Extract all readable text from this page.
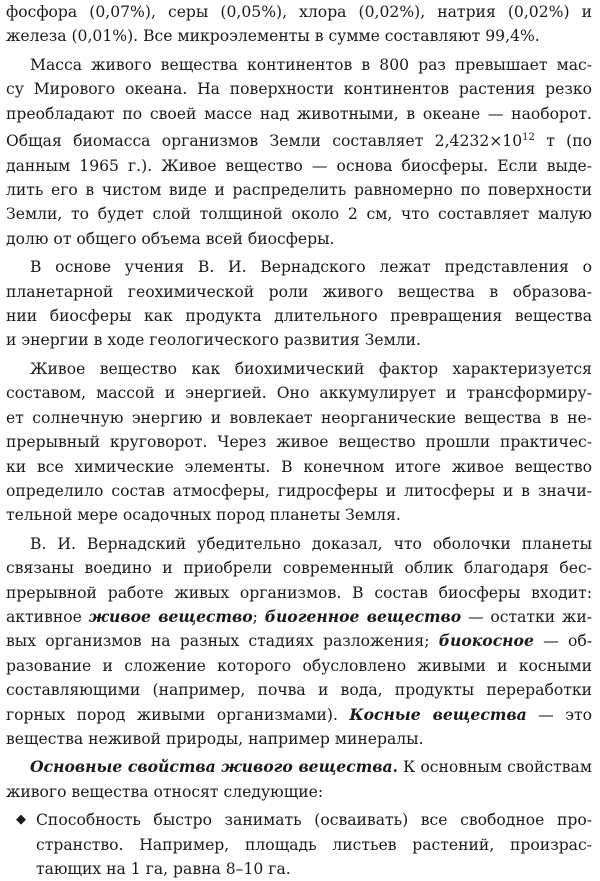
фосфора (0,07%), серы (0,05%), хлора (0,02%), натрия (0,02%) и
железа (0,01%). Все микроэлементы в сумме составляют 99,4%.

Масса живого вещества континентов в 800 раз превышает мас-
су Мирового океана. На поверхности континентов растения резко
преобладают по своей массе над животными, в океане — наоборот.
Общая биомасса организмов Земли составляет $2,4232\times 10^{12}$ т (по
данным 1965 г.). Живое вещество — основа биосферы. Если выде-
лить его в чистом виде и распределить равномерно по поверхности
Земли, то будет слой толщиной около 2 см, что составляет малую
долю от общего объема всей биосферы.

В основе учения В. И. Вернадского лежат представления о
планетарной геохимической роли живого вещества в образова-
нии биосферы как продукта длительного превращения вещества
и энергии в ходе геологического развития Земли.

Живое вещество как биохимический фактор характеризуется
составом, массой и энергией. Оно аккумулирует и трансформиру-
ет солнечную энергию и вовлекает неорганические вещества в не-
прерывный круговорот. Через живое вещество прошли практичес-
ки все химические элементы. В конечном итоге живое вещество
определило состав атмосферы, гидросферы и литосферы и в значи-
тельной мере осадочных пород планеты Земля.

В. И. Вернадский убедительно доказал, что оболочки планеты
связаны воедино и приобрели современный облик благодаря бес-
прерывной работе живых организмов. В состав биосферы входит:
активное живое вещество; биогенное вещество — остатки жи-
вых организмов на разных стадиях разложения; биокосное — об-
разование и сложение которого обусловлено живыми и косными
составляющими (например, почва и вода, продукты переработки
горных пород живыми организмами). Косные вещества — это
вещества неживой природы, например минералы.

Основные свойства живого вещества. К основным свойствам
живого вещества относят следующие:

◆ Способность быстро занимать (осваивать) все свободное про-
странство. Например, площадь листьев растений, произрас-
тающих на 1 га, равна 8–10 га.
